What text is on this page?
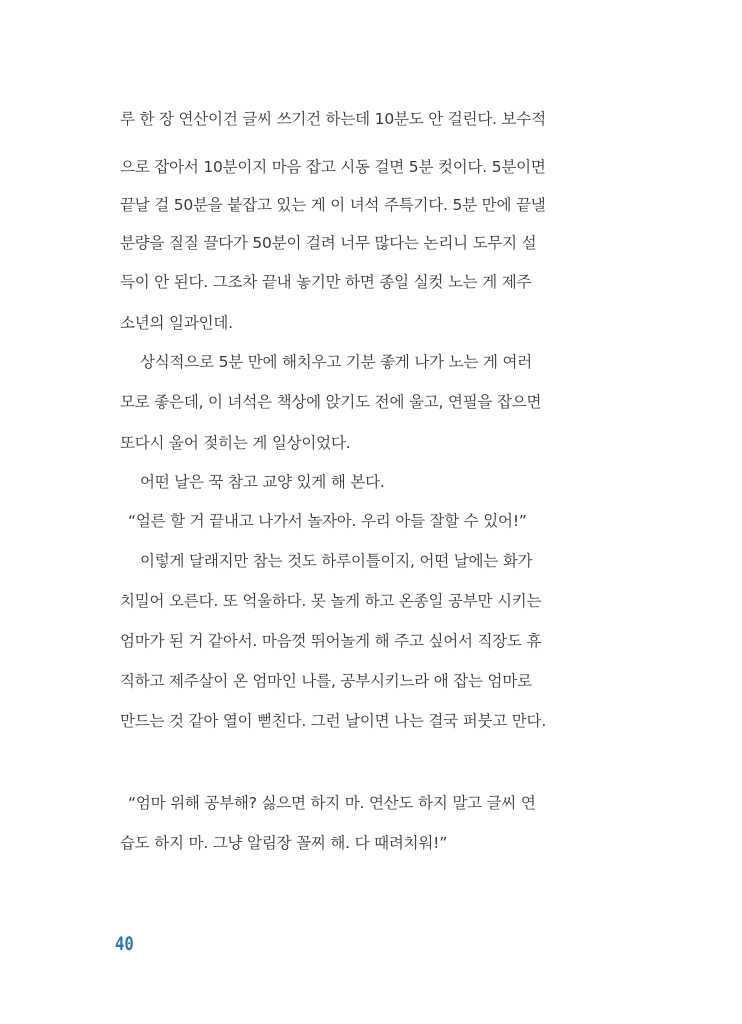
루 한 장 연산이건 글씨 쓰기건 하는데 10분도 안 걸린다. 보수적
으로 잡아서 10분이지 마음 잡고 시동 걸면 5분 컷이다. 5분이면
끝날 걸 50분을 붙잡고 있는 게 이 녀석 주특기다. 5분 만에 끝낼
분량을 질질 끌다가 50분이 걸려 너무 많다는 논리니 도무지 설
득이 안 된다. 그조차 끝내 놓기만 하면 종일 실컷 노는 게 제주
소년의 일과인데.
상식적으로 5분 만에 해치우고 기분 좋게 나가 노는 게 여러
모로 좋은데, 이 녀석은 책상에 앉기도 전에 울고, 연필을 잡으면
또다시 울어 젖히는 게 일상이었다.
어떤 날은 꾹 참고 교양 있게 해 본다.
“얼른 할 거 끝내고 나가서 놀자아. 우리 아들 잘할 수 있어!”
이렇게 달래지만 참는 것도 하루이틀이지, 어떤 날에는 화가
치밀어 오른다. 또 억울하다. 못 놀게 하고 온종일 공부만 시키는
엄마가 된 거 같아서. 마음껏 뛰어놀게 해 주고 싶어서 직장도 휴
직하고 제주살이 온 엄마인 나를, 공부시키느라 애 잡는 엄마로
만드는 것 같아 열이 뻗친다. 그런 날이면 나는 결국 퍼붓고 만다.
“엄마 위해 공부해? 싫으면 하지 마. 연산도 하지 말고 글씨 연
습도 하지 마. 그냥 알림장 꼴찌 해. 다 때려치워!”
40
